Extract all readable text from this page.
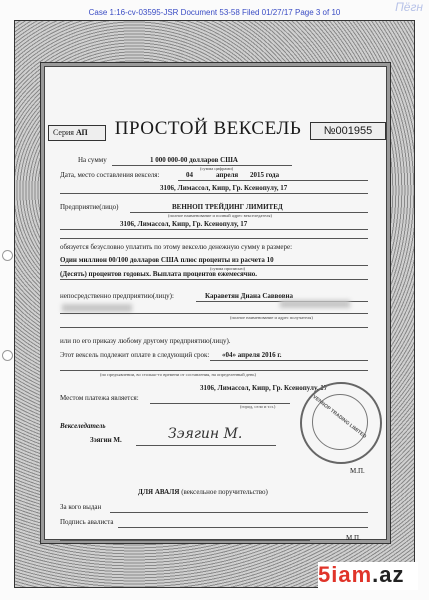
Case 1:16-cv-03595-JSR Document 53-58 Filed 01/27/17 Page 3 of 10	Пёгн
Серия АП	ПРОСТОЙ ВЕКСЕЛЬ	№001955
На сумму	1 000 000-00 долларов США
(сумма цифрами)
Дата, место составления векселя:	04	апреля 2015 года
3106, Лимассол, Кипр, Гр. Ксенопулу, 17
Предприятие(лицо)	ВЕННОП ТРЕЙДИНГ ЛИМИТЕД
(полное наименование и полный адрес векселедателя)
3106, Лимассол, Кипр, Гр. Ксенопулу, 17
обязуется безусловно уплатить по этому векселю денежную сумму в размере:
Один миллион 00/100 долларов США плюс проценты из расчета 10
(сумма прописью)
(Десять) процентов годовых. Выплата процентов ежемесячно.
непосредственно предприятию(лицу):	Караветян Диана Саввовна
(полное наименование и адрес получателя)
или по его приказу любому другому предприятию(лицу).
Этот вексель подлежит оплате в следующий срок: «04» апреля 2016 г.
(по предъявлении, во столько-то времени от составления, на определенный день)
3106, Лимассол, Кипр, Гр. Ксенопулу, 17
Местом платежа является:
(город, село и т.п.)
Векселедатель
Зэягин М.	Зэягин М.	VENNOP TRADING LIMITED
М.П.
ДЛЯ АВАЛЯ (вексельное поручительство)
За кого выдан
Подпись авалиста
М.П.
5iam.az
